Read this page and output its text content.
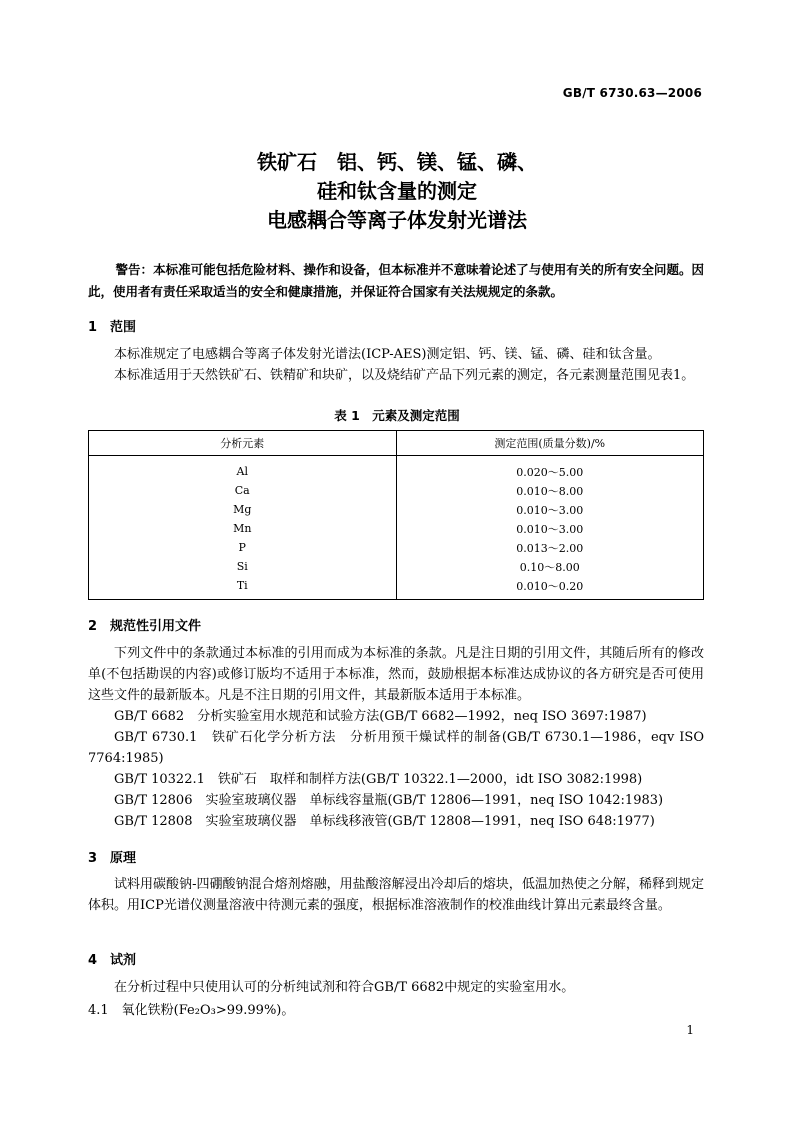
GB/T 6730.63—2006
铁矿石　铝、钙、镁、锰、磷、
硅和钛含量的测定
电感耦合等离子体发射光谱法
警告：本标准可能包括危险材料、操作和设备，但本标准并不意味着论述了与使用有关的所有安全问题。因此，使用者有责任采取适当的安全和健康措施，并保证符合国家有关法规规定的条款。
1 范围

本标准规定了电感耦合等离子体发射光谱法(ICP-AES)测定铝、钙、镁、锰、磷、硅和钛含量。

本标准适用于天然铁矿石、铁精矿和块矿，以及烧结矿产品下列元素的测定，各元素测量范围见表1。

表 1　元素及测定范围
分析元素	测定范围(质量分数)/%
Al	0.020～5.00
Ca	0.010～8.00
Mg	0.010～3.00
Mn	0.010～3.00
P	0.013～2.00
Si	0.10～8.00
Ti	0.010～0.20
2 规范性引用文件

下列文件中的条款通过本标准的引用而成为本标准的条款。凡是注日期的引用文件，其随后所有的修改单(不包括勘误的内容)或修订版均不适用于本标准，然而，鼓励根据本标准达成协议的各方研究是否可使用这些文件的最新版本。凡是不注日期的引用文件，其最新版本适用于本标准。

GB/T 6682　分析实验室用水规范和试验方法(GB/T 6682—1992，neq ISO 3697:1987)

GB/T 6730.1　铁矿石化学分析方法　分析用预干燥试样的制备(GB/T 6730.1—1986，eqv ISO 7764:1985)

GB/T 10322.1　铁矿石　取样和制样方法(GB/T 10322.1—2000，idt ISO 3082:1998)

GB/T 12806　实验室玻璃仪器　单标线容量瓶(GB/T 12806—1991，neq ISO 1042:1983)

GB/T 12808　实验室玻璃仪器　单标线移液管(GB/T 12808—1991，neq ISO 648:1977)

3 原理

试料用碳酸钠-四硼酸钠混合熔剂熔融，用盐酸溶解浸出冷却后的熔块，低温加热使之分解，稀释到规定体积。用ICP光谱仪测量溶液中待测元素的强度，根据标准溶液制作的校准曲线计算出元素最终含量。

4 试剂

在分析过程中只使用认可的分析纯试剂和符合GB/T 6682中规定的实验室用水。

4.1　氧化铁粉(Fe₂O₃>99.99%)。
1
